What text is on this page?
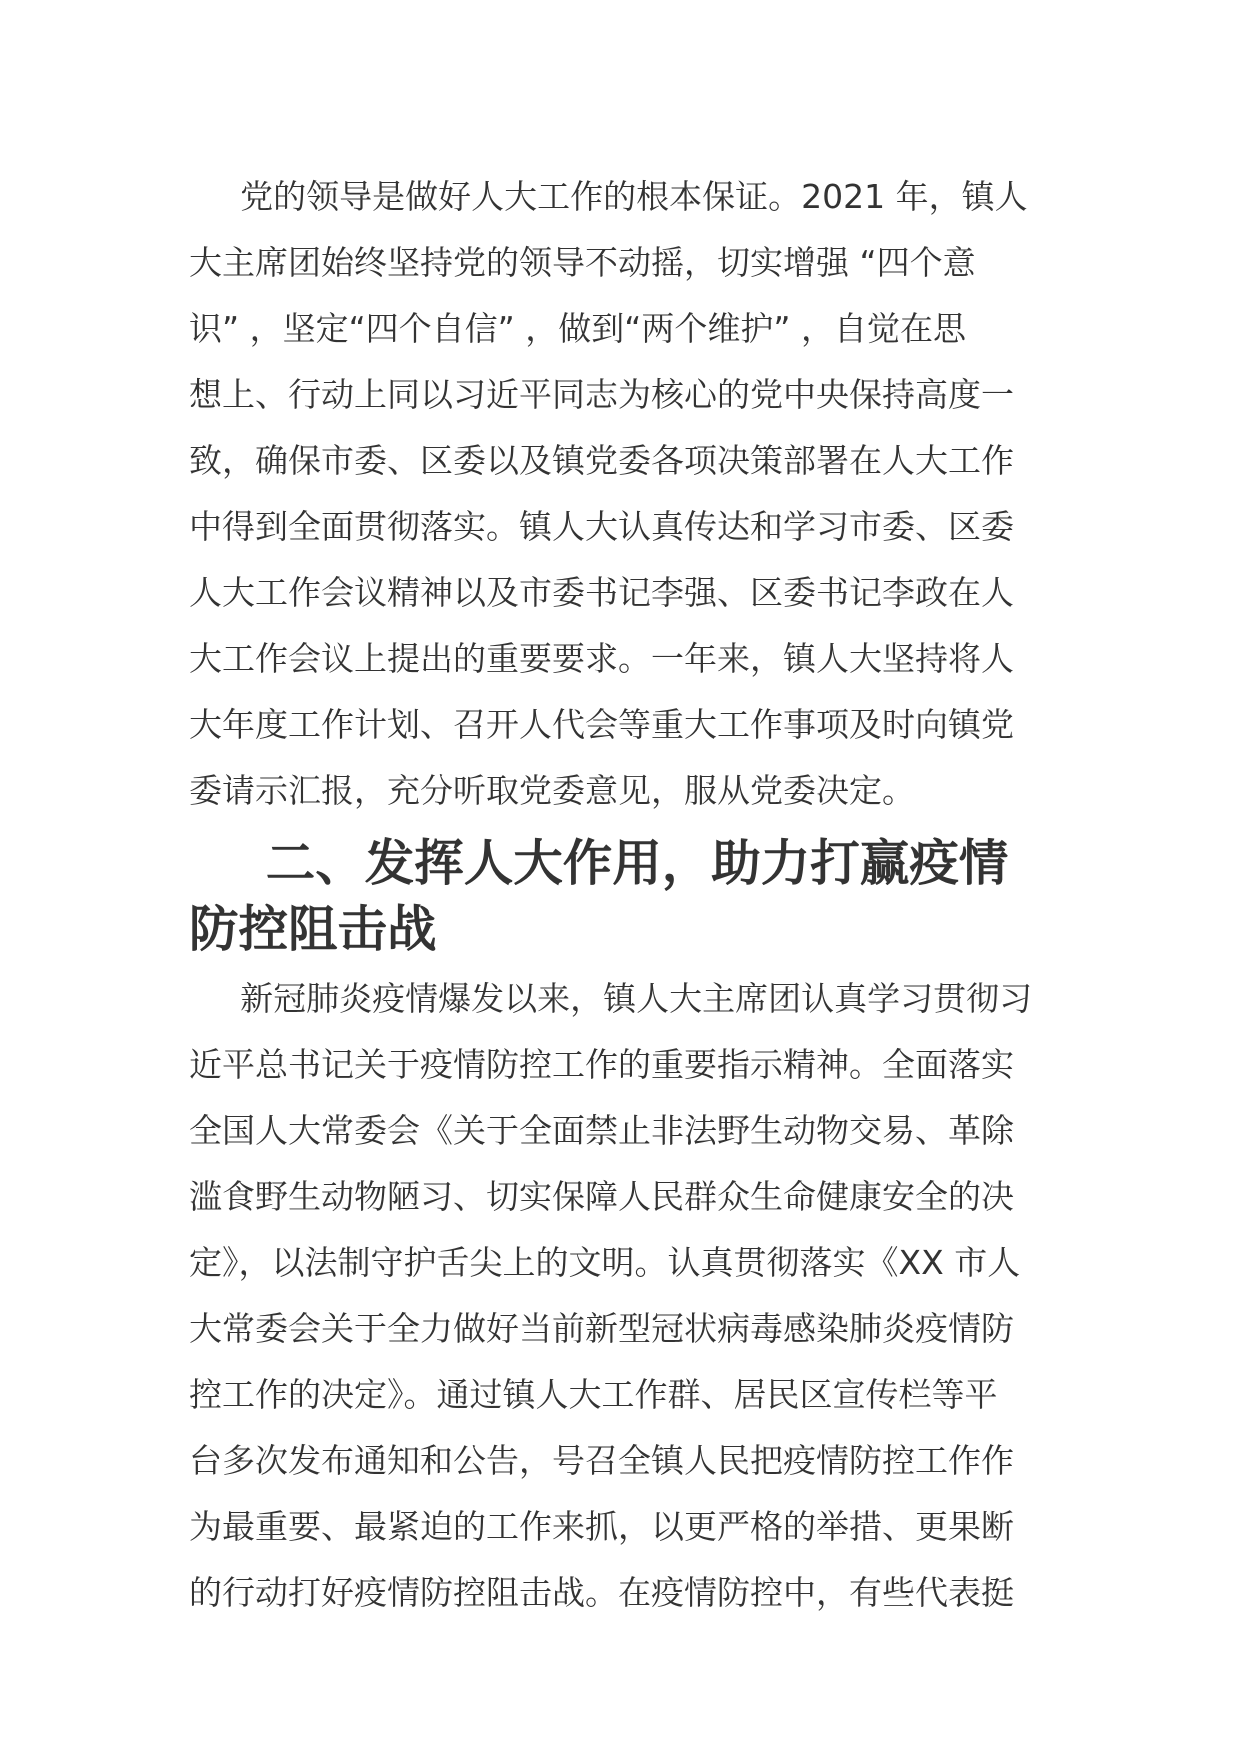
党的领导是做好人大工作的根本保证。2021 年，镇人
大主席团始终坚持党的领导不动摇，切实增强 “四个意
识” ，坚定“四个自信” ，做到“两个维护” ，自觉在思
想上、行动上同以习近平同志为核心的党中央保持高度一
致，确保市委、区委以及镇党委各项决策部署在人大工作
中得到全面贯彻落实。镇人大认真传达和学习市委、区委
人大工作会议精神以及市委书记李强、区委书记李政在人
大工作会议上提出的重要要求。一年来，镇人大坚持将人
大年度工作计划、召开人代会等重大工作事项及时向镇党
委请示汇报，充分听取党委意见，服从党委决定。
二、发挥人大作用，助力打赢疫情防控阻击战
新冠肺炎疫情爆发以来，镇人大主席团认真学习贯彻习
近平总书记关于疫情防控工作的重要指示精神。全面落实
全国人大常委会《关于全面禁止非法野生动物交易、革除
滥食野生动物陋习、切实保障人民群众生命健康安全的决
定》，以法制守护舌尖上的文明。认真贯彻落实《XX 市人
大常委会关于全力做好当前新型冠状病毒感染肺炎疫情防
控工作的决定》。通过镇人大工作群、居民区宣传栏等平
台多次发布通知和公告，号召全镇人民把疫情防控工作作
为最重要、最紧迫的工作来抓，以更严格的举措、更果断
的行动打好疫情防控阻击战。在疫情防控中，有些代表挺
